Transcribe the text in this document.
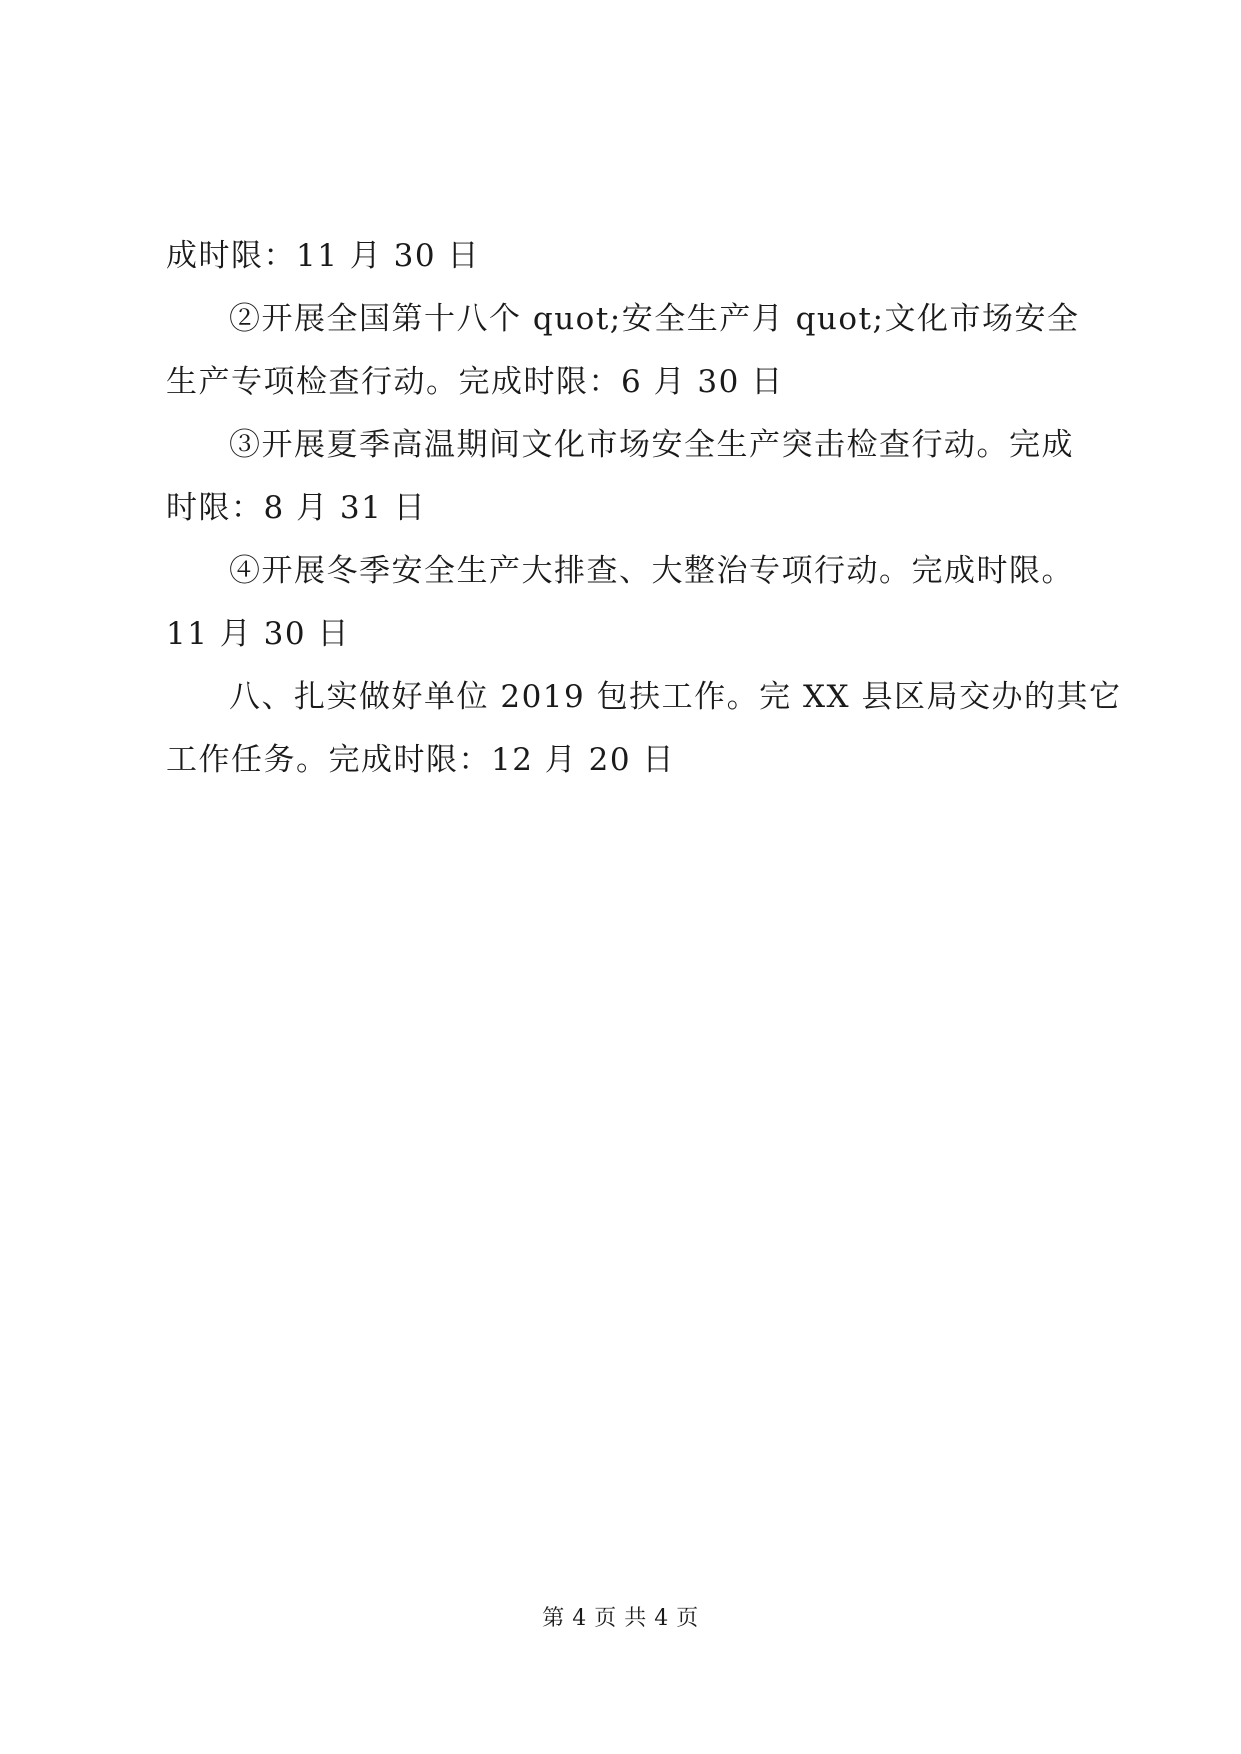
成时限：11 月 30 日

②开展全国第十八个 quot;安全生产月 quot;文化市场安全

生产专项检查行动。完成时限：6 月 30 日

③开展夏季高温期间文化市场安全生产突击检查行动。完成

时限：8 月 31 日

④开展冬季安全生产大排查、大整治专项行动。完成时限。

11 月 30 日

八、扎实做好单位 2019 包扶工作。完 XX 县区局交办的其它

工作任务。完成时限：12 月 20 日

第 4 页 共 4 页
